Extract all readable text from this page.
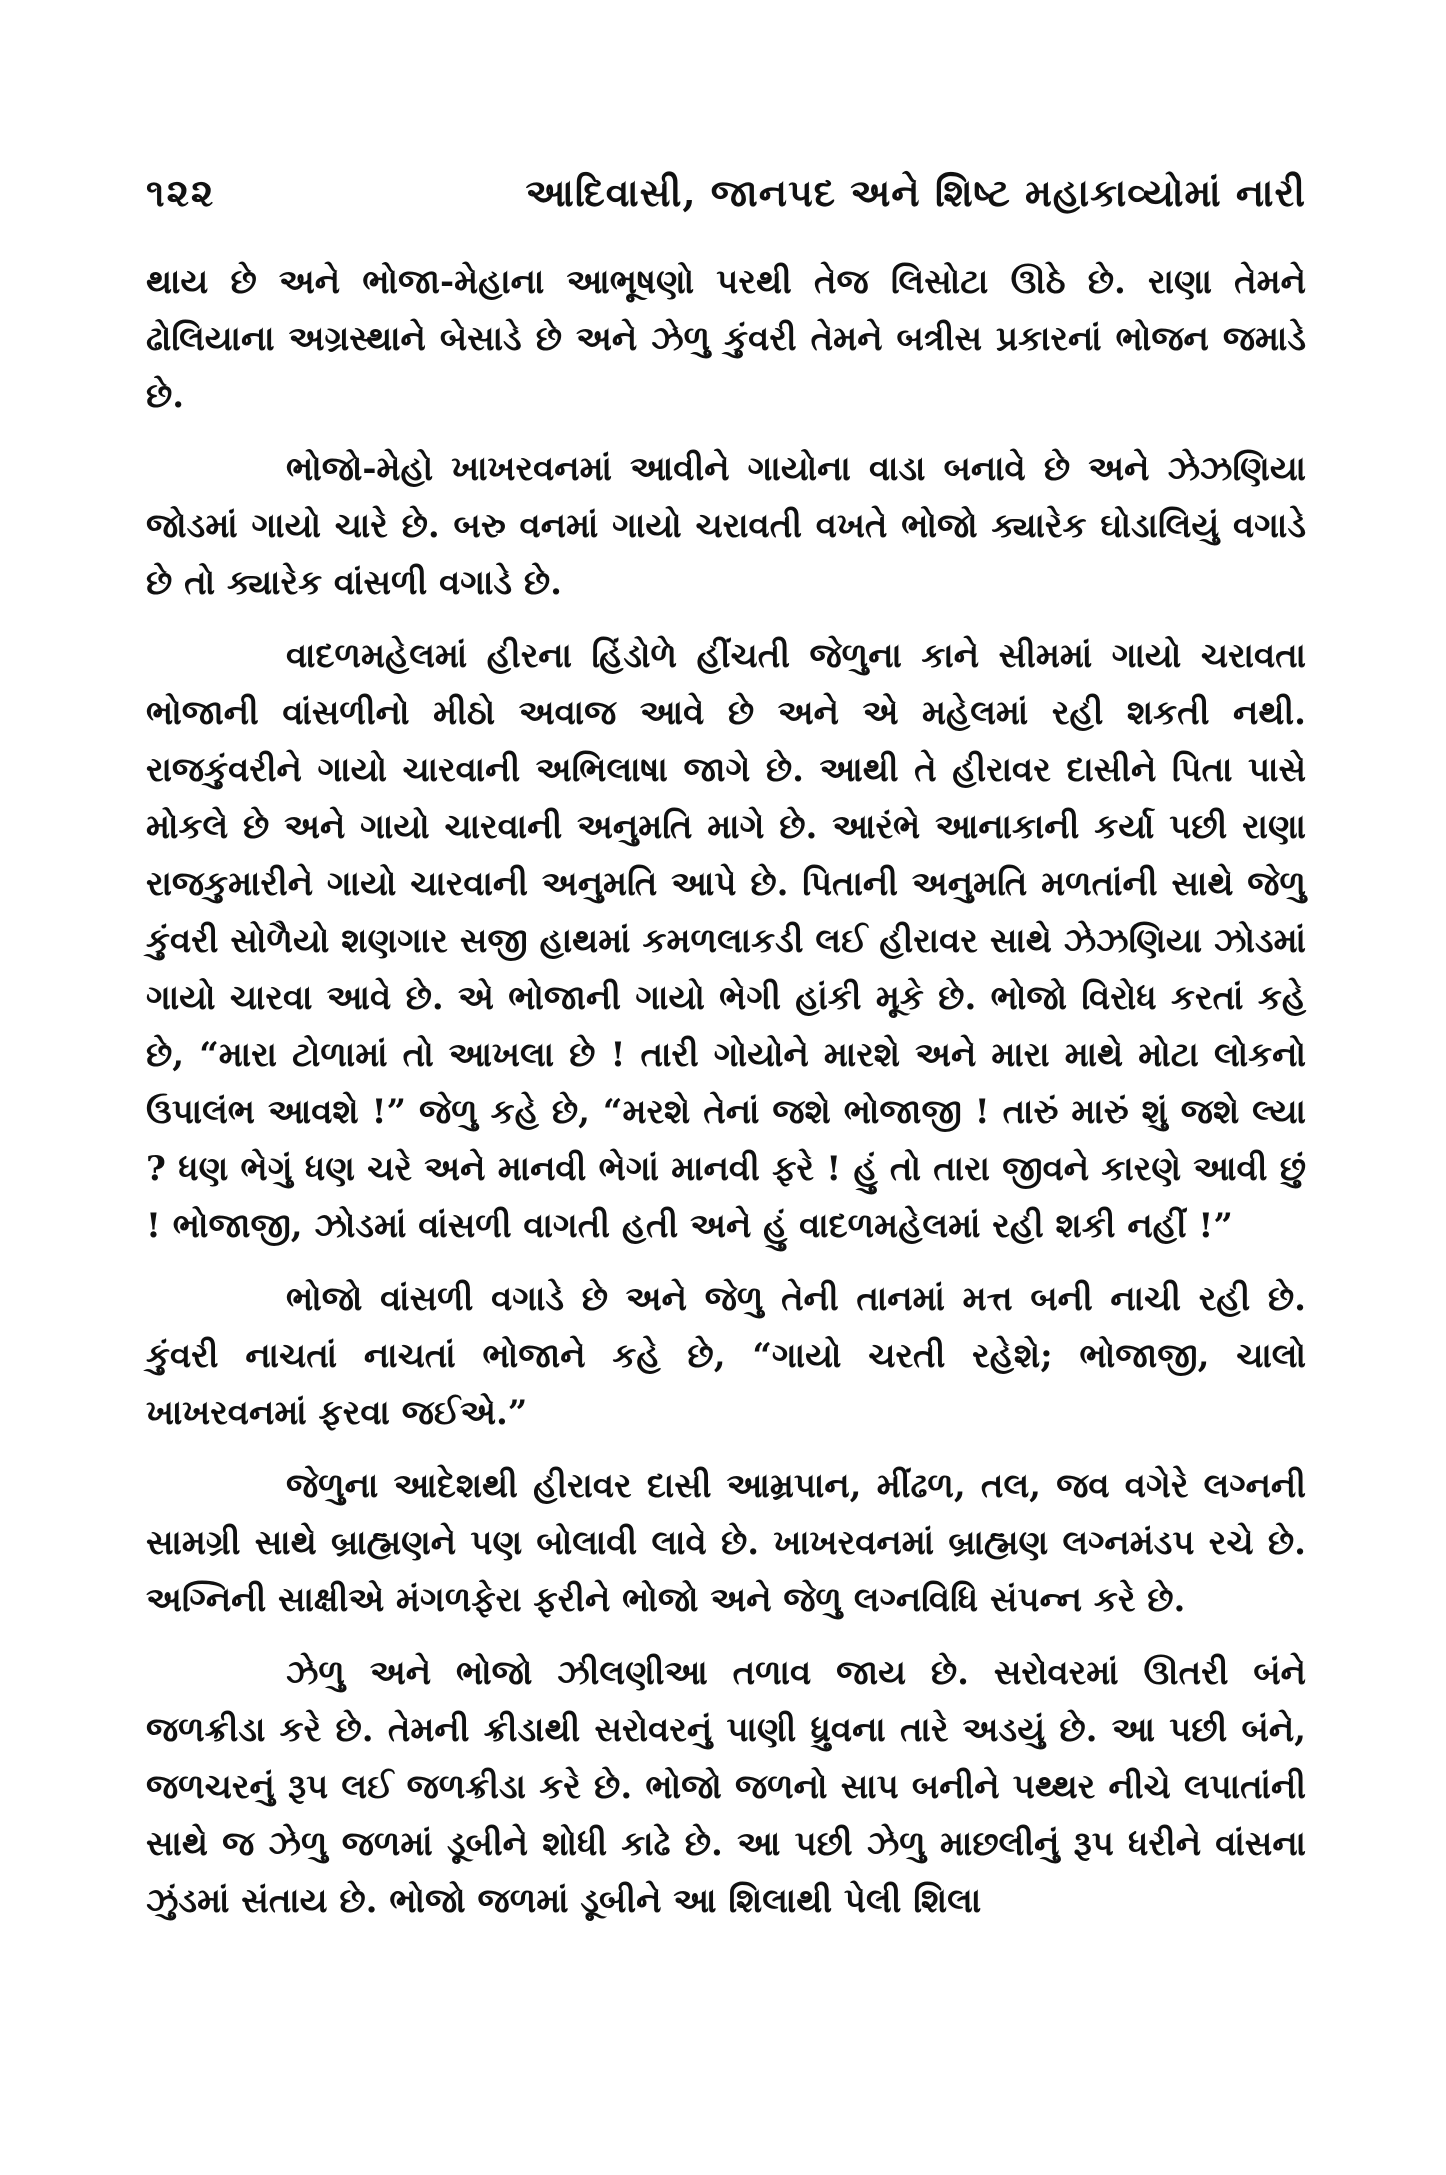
૧૨૨	આદિવાસી, જાનપદ અને શિષ્ટ મહાકાવ્યોમાં નારી

થાય છે અને ભોજા-મેહાના આભૂષણો પરથી તેજ લિસોટા ઊઠે છે. રાણા તેમને ઢોલિયાના અગ્રસ્થાને બેસાડે છે અને ઝેળુ કુંવરી તેમને બત્રીસ પ્રકારનાં ભોજન જમાડે છે.

ભોજો-મેહો ખાખરવનમાં આવીને ગાયોના વાડા બનાવે છે અને ઝેઝણિયા જોડમાં ગાયો ચારે છે. બરુ વનમાં ગાયો ચરાવતી વખતે ભોજો ક્યારેક ઘોડાલિયું વગાડે છે તો ક્યારેક વાંસળી વગાડે છે.

વાદળમહેલમાં હીરના હિંડોળે હીંચતી જેળુના કાને સીમમાં ગાયો ચરાવતા ભોજાની વાંસળીનો મીઠો અવાજ આવે છે અને એ મહેલમાં રહી શકતી નથી. રાજકુંવરીને ગાયો ચારવાની અભિલાષા જાગે છે. આથી તે હીરાવર દાસીને પિતા પાસે મોકલે છે અને ગાયો ચારવાની અનુમતિ માગે છે. આરંભે આનાકાની કર્યા પછી રાણા રાજકુમારીને ગાયો ચારવાની અનુમતિ આપે છે. પિતાની અનુમતિ મળતાંની સાથે જેળુ કુંવરી સોળૈયો શણગાર સજી હાથમાં કમળલાકડી લઈ હીરાવર સાથે ઝેઝણિયા ઝોડમાં ગાયો ચારવા આવે છે. એ ભોજાની ગાયો ભેગી હાંકી મૂકે છે. ભોજો વિરોધ કરતાં કહે છે, “મારા ટોળામાં તો આખલા છે ! તારી ગોયોને મારશે અને મારા માથે મોટા લોકનો ઉપાલંભ આવશે !” જેળુ કહે છે, “મરશે તેનાં જશે ભોજાજી ! તારું મારું શું જશે લ્યા ? ધણ ભેગું ધણ ચરે અને માનવી ભેગાં માનવી ફરે ! હું તો તારા જીવને કારણે આવી છું ! ભોજાજી, ઝોડમાં વાંસળી વાગતી હતી અને હું વાદળમહેલમાં રહી શકી નહીં !”

ભોજો વાંસળી વગાડે છે અને જેળુ તેની તાનમાં મત્ત બની નાચી રહી છે. કુંવરી નાચતાં નાચતાં ભોજાને કહે છે, “ગાયો ચરતી રહેશે; ભોજાજી, ચાલો ખાખરવનમાં ફરવા જઈએ.”

જેળુના આદેશથી હીરાવર દાસી આમ્રપાન, મીંઢળ, તલ, જવ વગેરે લગ્નની સામગ્રી સાથે બ્રાહ્મણને પણ બોલાવી લાવે છે. ખાખરવનમાં બ્રાહ્મણ લગ્નમંડપ રચે છે. અગ્નિની સાક્ષીએ મંગળફેરા ફરીને ભોજો અને જેળુ લગ્નવિધિ સંપન્ન કરે છે.

ઝેળુ અને ભોજો ઝીલણીઆ તળાવ જાય છે. સરોવરમાં ઊતરી બંને જળક્રીડા કરે છે. તેમની ક્રીડાથી સરોવરનું પાણી ધ્રુવના તારે અડયું છે. આ પછી બંને, જળચરનું રૂપ લઈ જળક્રીડા કરે છે. ભોજો જળનો સાપ બનીને પથ્થર નીચે લપાતાંની સાથે જ ઝેળુ જળમાં ડૂબીને શોધી કાઢે છે. આ પછી ઝેળુ માછલીનું રૂપ ધરીને વાંસના ઝુંડમાં સંતાય છે. ભોજો જળમાં ડૂબીને આ શિલાથી પેલી શિલા
